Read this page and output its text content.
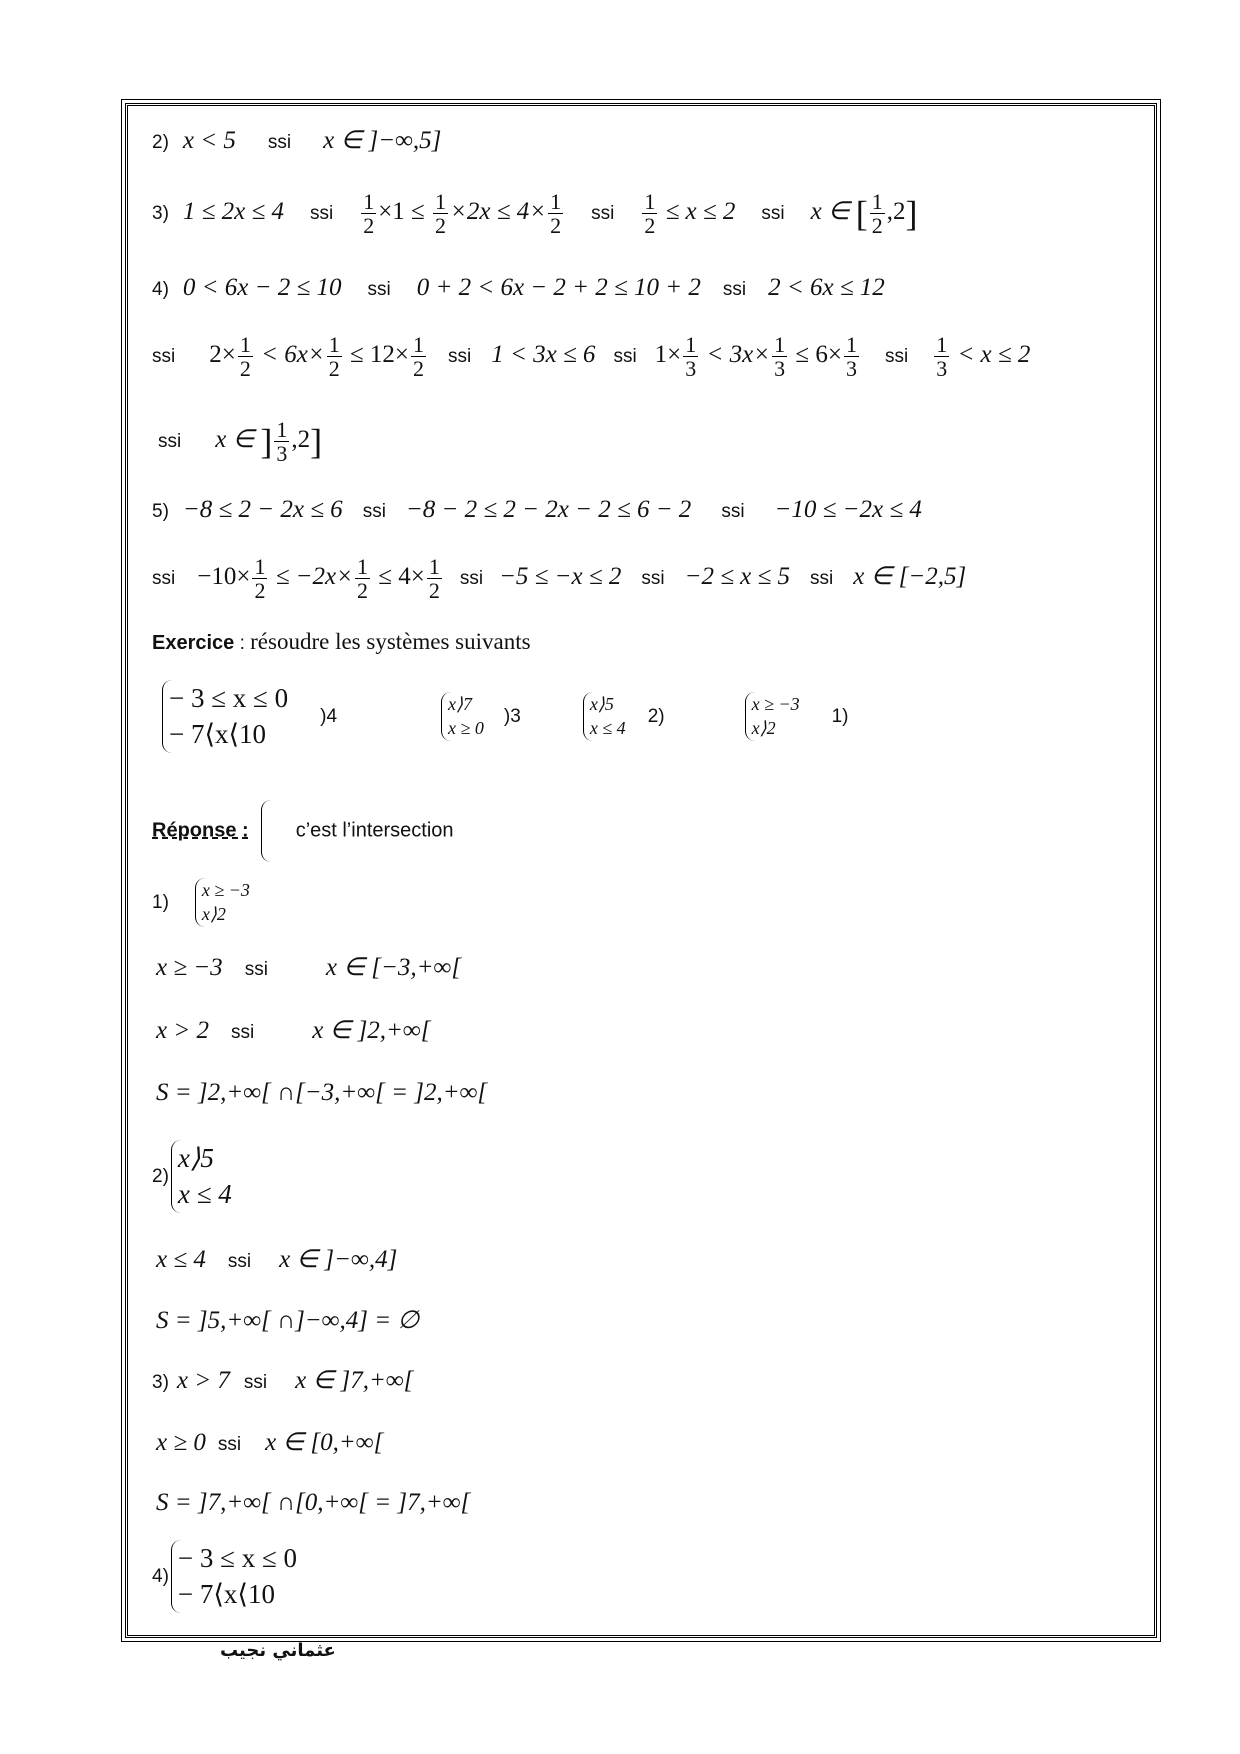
2) x < 5 ssi x ∈ ]−∞,5]
3) 1 ≤ 2x ≤ 4 ssi $\frac{1}{2} \times 1 \le \frac{1}{2} \times 2x \le 4\times \frac{1}{2}$ ssi $\frac{1}{2} \le x \le 2$ ssi x ∈ [ $\frac{1}{2} ,2$]
4) 0 < 6x − 2 ≤ 10 ssi 0 + 2 < 6x − 2 + 2 ≤ 10 + 2 ssi 2 < 6x ≤ 12
ssi $2\times \frac{1}{2} < 6x\times \frac{1}{2} \le 12\times \frac{1}{2}$ ssi 1 < 3x ≤ 6 ssi $1\times \frac{1}{3} < 3x\times \frac{1}{3} \le 6\times \frac{1}{3}$ ssi $\frac{1}{3} < x \le 2$
ssi x ∈ ] $\frac{1}{3} ,2$]
5) −8 ≤ 2 − 2x ≤ 6 ssi −8 − 2 ≤ 2 − 2x − 2 ≤ 6 − 2 ssi −10 ≤ −2x ≤ 4
ssi $-10\times \frac{1}{2} \le -2x\times \frac{1}{2} \le 4\times \frac{1}{2}$ ssi −5 ≤ −x ≤ 2 ssi −2 ≤ x ≤ 5 ssi x ∈ [−2,5]
Exercice : résoudre les systèmes suivants
− 3 ≤ x ≤ 0
− 7⟨x⟨10
)4
x⟩7
x ≥ 0
)3
x⟩5
x ≤ 4
2)
x ≥ −3
x⟩2
1)
Réponse : c’est l’intersection
1)
x ≥ −3
x⟩2
x ≥ −3 ssi x ∈ [−3,+∞[
x > 2 ssi x ∈ ]2,+∞[
S = ]2,+∞[ ∩[−3,+∞[ = ]2,+∞[
2)
x⟩5
x ≤ 4
x ≤ 4 ssi x ∈ ]−∞,4]
S = ]5,+∞[ ∩]−∞,4] = ∅
3) x > 7 ssi x ∈ ]7,+∞[
x ≥ 0 ssi x ∈ [0,+∞[
S = ]7,+∞[ ∩[0,+∞[ = ]7,+∞[
4)
− 3 ≤ x ≤ 0
− 7⟨x⟨10
عثماني نجيب
